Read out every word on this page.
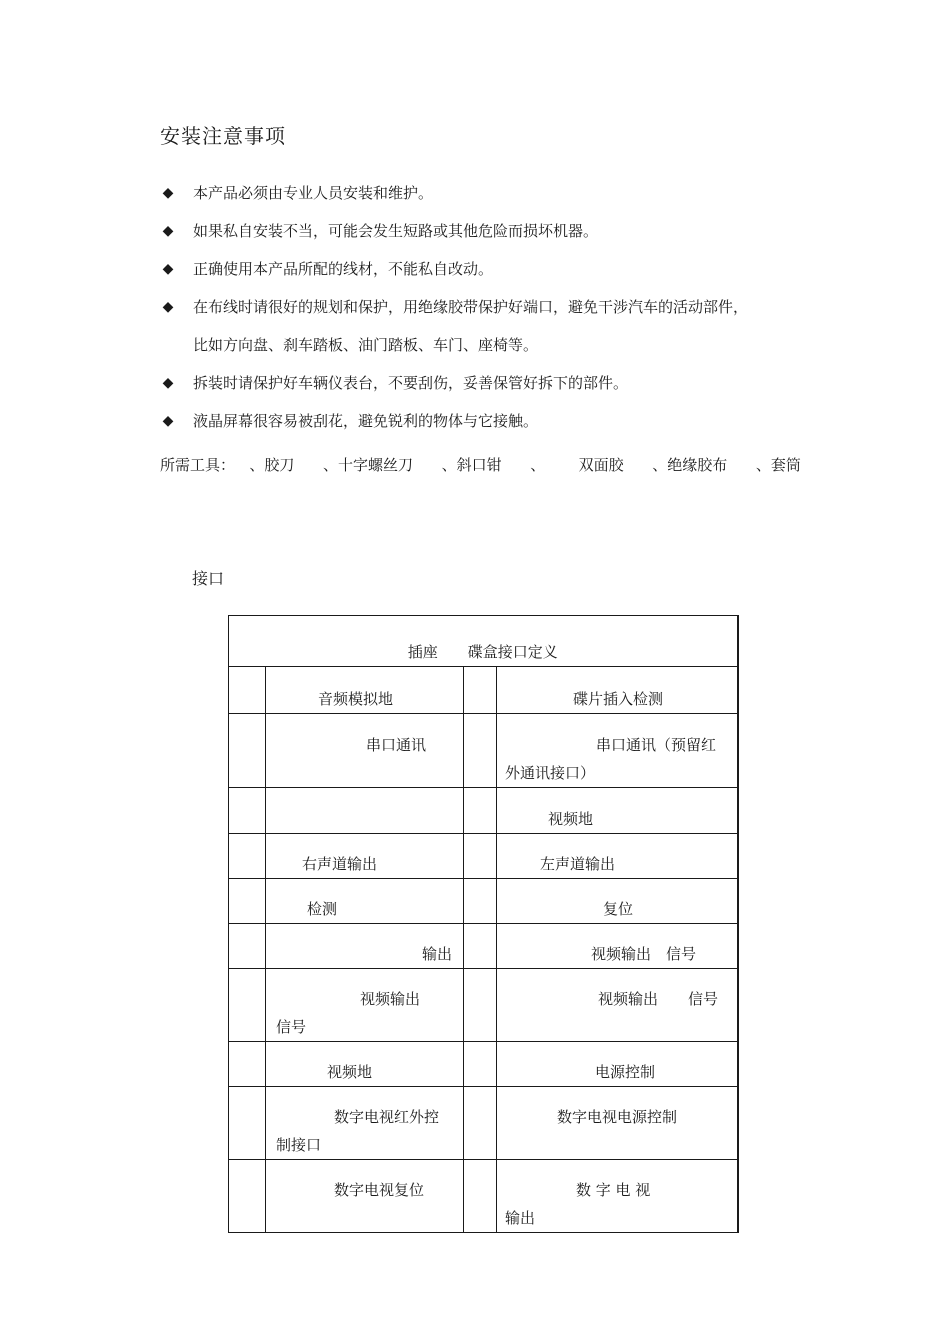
安装注意事项
◆ 本产品必须由专业人员安装和维护。
◆ 如果私自安装不当，可能会发生短路或其他危险而损坏机器。
◆ 正确使用本产品所配的线材，不能私自改动。
◆ 在布线时请很好的规划和保护，用绝缘胶带保护好端口，避免干涉汽车的活动部件，
比如方向盘、刹车踏板、油门踏板、车门、座椅等。
◆ 拆装时请保护好车辆仪表台，不要刮伤，妥善保管好拆下的部件。
◆ 液晶屏幕很容易被刮花，避免锐利的物体与它接触。
所需工具： 、胶刀 、十字螺丝刀 、斜口钳 、 双面胶 、绝缘胶布 、套筒
接口
插座　　碟盒接口定义			

	音频模拟地		碟片插入检测

	串口通讯		串口通讯（预留红
外通讯接口）

			视频地

	右声道输出		左声道输出

	检测		复位

	输出		视频输出　信号

	视频输出
信号		视频输出　　信号

	视频地		电源控制

	数字电视红外控
制接口		数字电视电源控制

	数字电视复位		数 字 电 视
输出
